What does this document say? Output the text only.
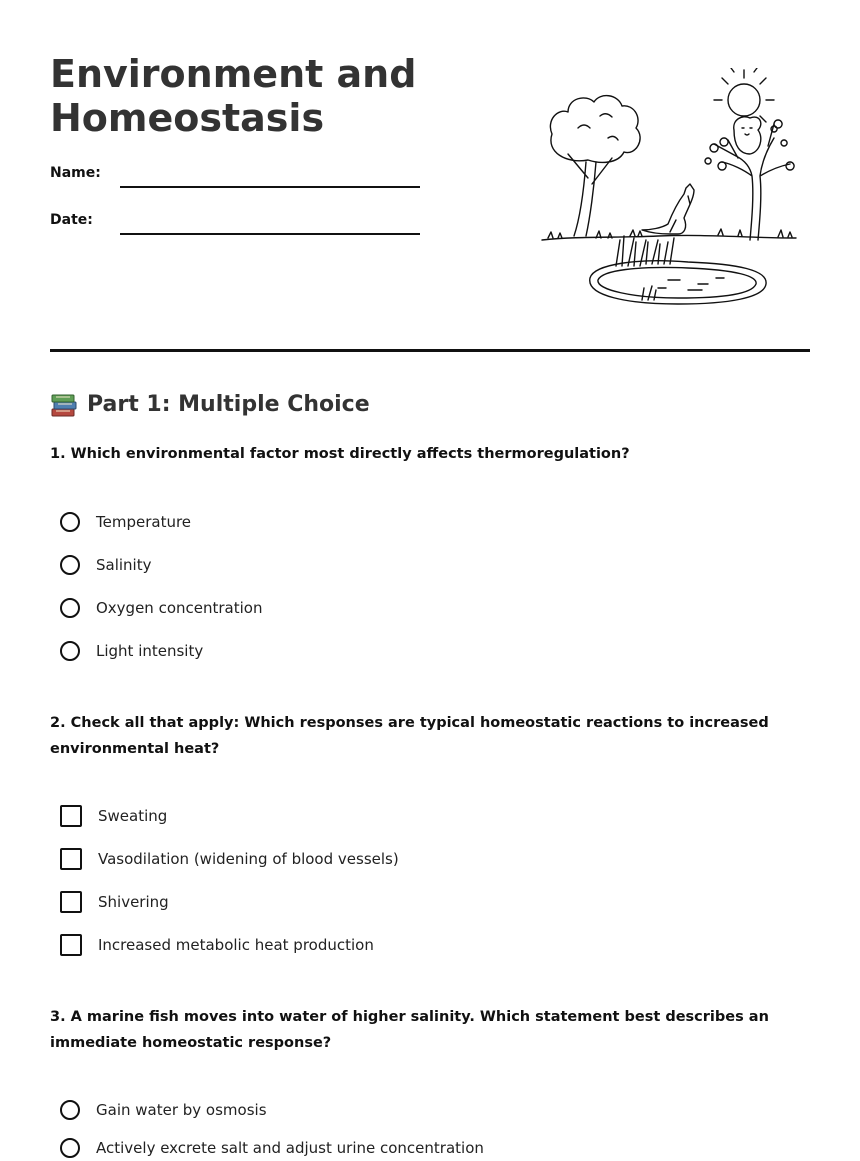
Environment and
Homeostasis
Name:
Date:
Part 1: Multiple Choice

1. Which environmental factor most directly affects thermoregulation?

Temperature
Salinity
Oxygen concentration
Light intensity

2. Check all that apply: Which responses are typical homeostatic reactions to increased environmental heat?

Sweating
Vasodilation (widening of blood vessels)
Shivering
Increased metabolic heat production

3. A marine fish moves into water of higher salinity. Which statement best describes an immediate homeostatic response?

Gain water by osmosis
Actively excrete salt and adjust urine concentration
